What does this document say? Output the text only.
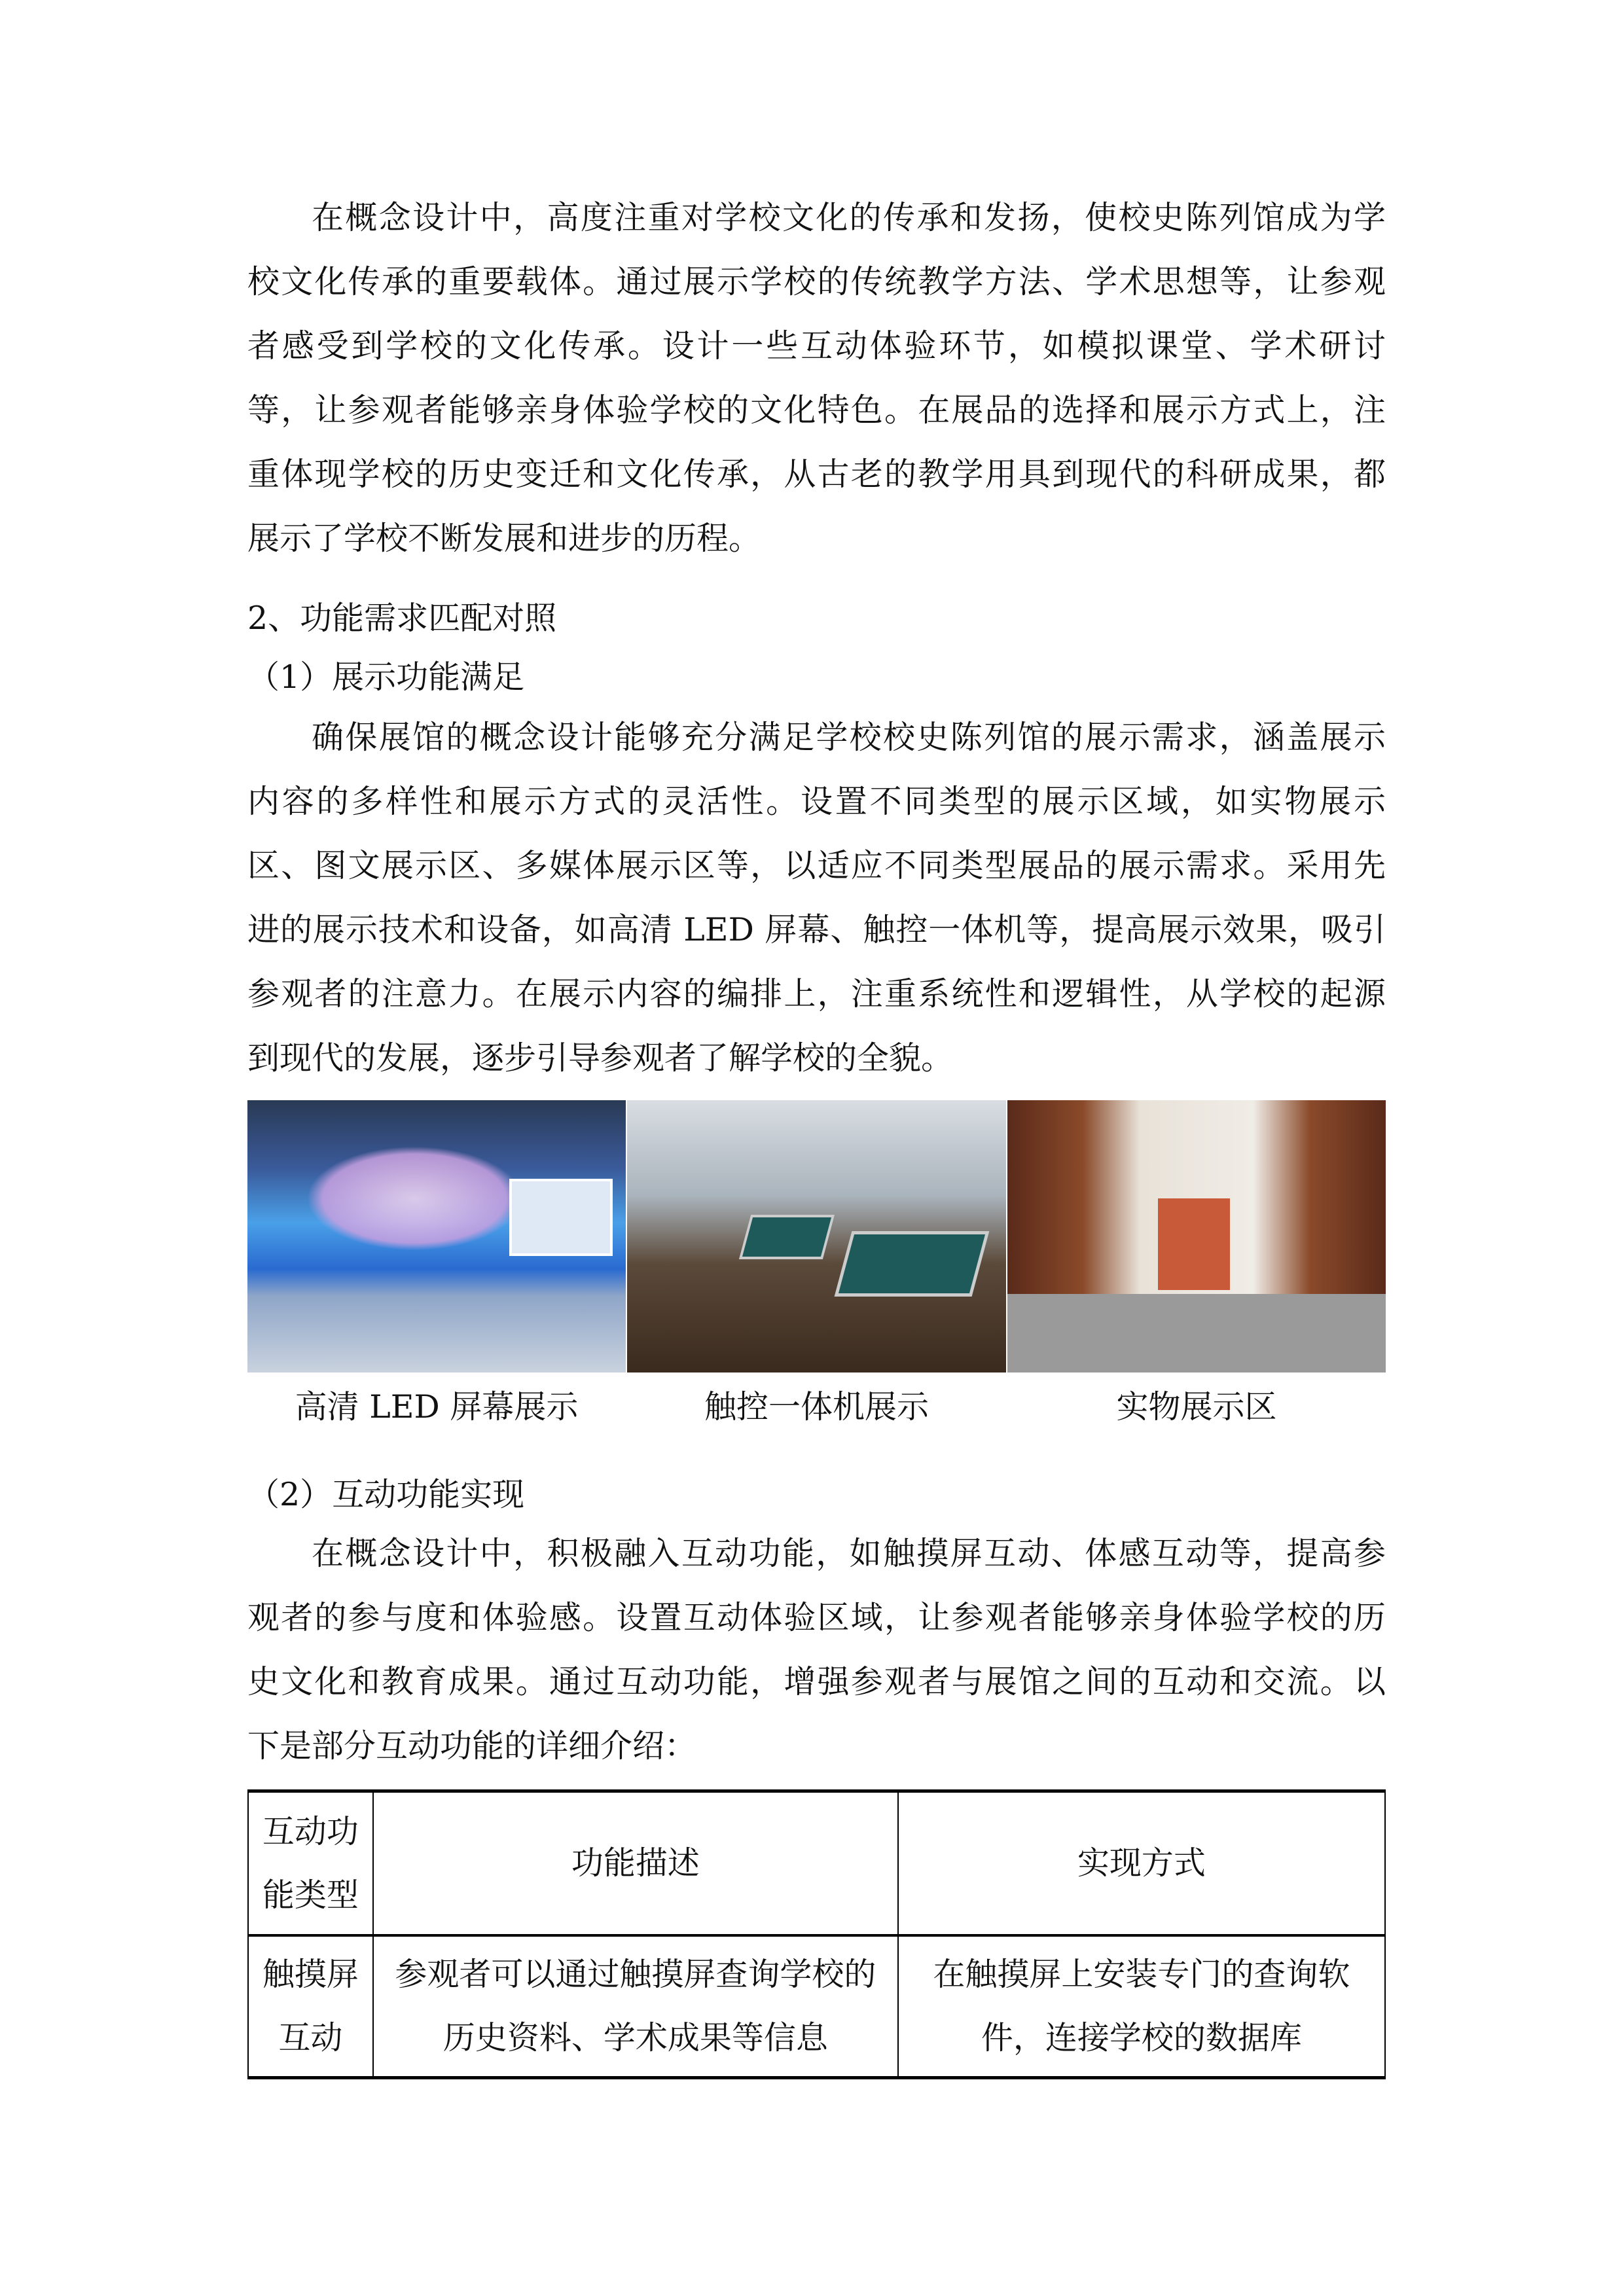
在概念设计中，高度注重对学校文化的传承和发扬，使校史陈列馆成为学
校文化传承的重要载体。通过展示学校的传统教学方法、学术思想等，让参观
者感受到学校的文化传承。设计一些互动体验环节，如模拟课堂、学术研讨
等，让参观者能够亲身体验学校的文化特色。在展品的选择和展示方式上，注
重体现学校的历史变迁和文化传承，从古老的教学用具到现代的科研成果，都
展示了学校不断发展和进步的历程。
2、功能需求匹配对照
（1）展示功能满足
确保展馆的概念设计能够充分满足学校校史陈列馆的展示需求，涵盖展示
内容的多样性和展示方式的灵活性。设置不同类型的展示区域，如实物展示
区、图文展示区、多媒体展示区等，以适应不同类型展品的展示需求。采用先
进的展示技术和设备，如高清 LED 屏幕、触控一体机等，提高展示效果，吸引
参观者的注意力。在展示内容的编排上，注重系统性和逻辑性，从学校的起源
到现代的发展，逐步引导参观者了解学校的全貌。
高清 LED 屏幕展示	触控一体机展示	实物展示区
（2）互动功能实现
在概念设计中，积极融入互动功能，如触摸屏互动、体感互动等，提高参
观者的参与度和体验感。设置互动体验区域，让参观者能够亲身体验学校的历
史文化和教育成果。通过互动功能，增强参观者与展馆之间的互动和交流。以
下是部分互动功能的详细介绍：
互动功能类型	功能描述	实现方式
触摸屏互动	参观者可以通过触摸屏查询学校的历史资料、学术成果等信息	在触摸屏上安装专门的查询软件，连接学校的数据库
